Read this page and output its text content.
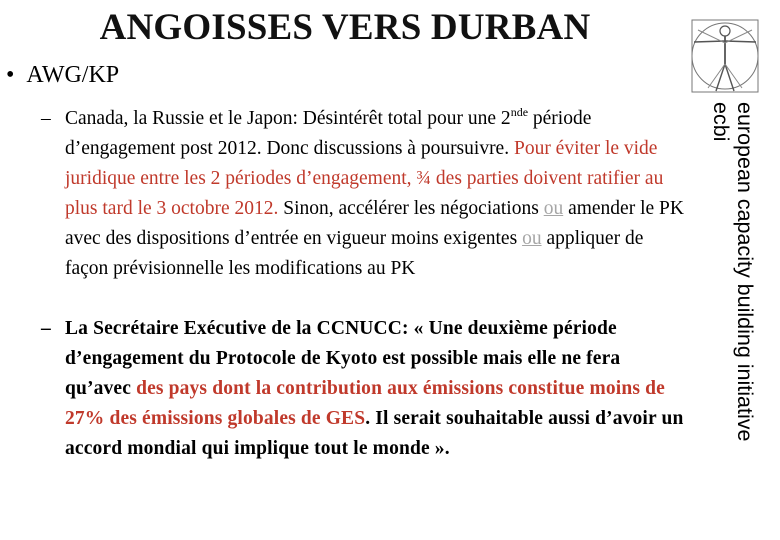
ANGOISSES VERS DURBAN
• AWG/KP
– Canada, la Russie et le Japon: Désintérêt total pour une 2nde période d’engagement post 2012. Donc discussions à poursuivre. Pour éviter le vide juridique entre les 2 périodes d’engagement, ¾ des parties doivent ratifier au plus tard le 3 octobre 2012. Sinon, accélérer les négociations ou amender le PK avec des dispositions d’entrée en vigueur moins exigentes ou appliquer de façon prévisionnelle les modifications au PK
– La Secrétaire Exécutive de la CCNUCC: « Une deuxième période d’engagement du Protocole de Kyoto est possible mais elle ne fera qu’avec des pays dont la contribution aux émissions constitue moins de 27% des émissions globales de GES. Il serait souhaitable aussi d’avoir un accord mondial qui implique tout le monde ».
european capacity building initiative
ecbi
